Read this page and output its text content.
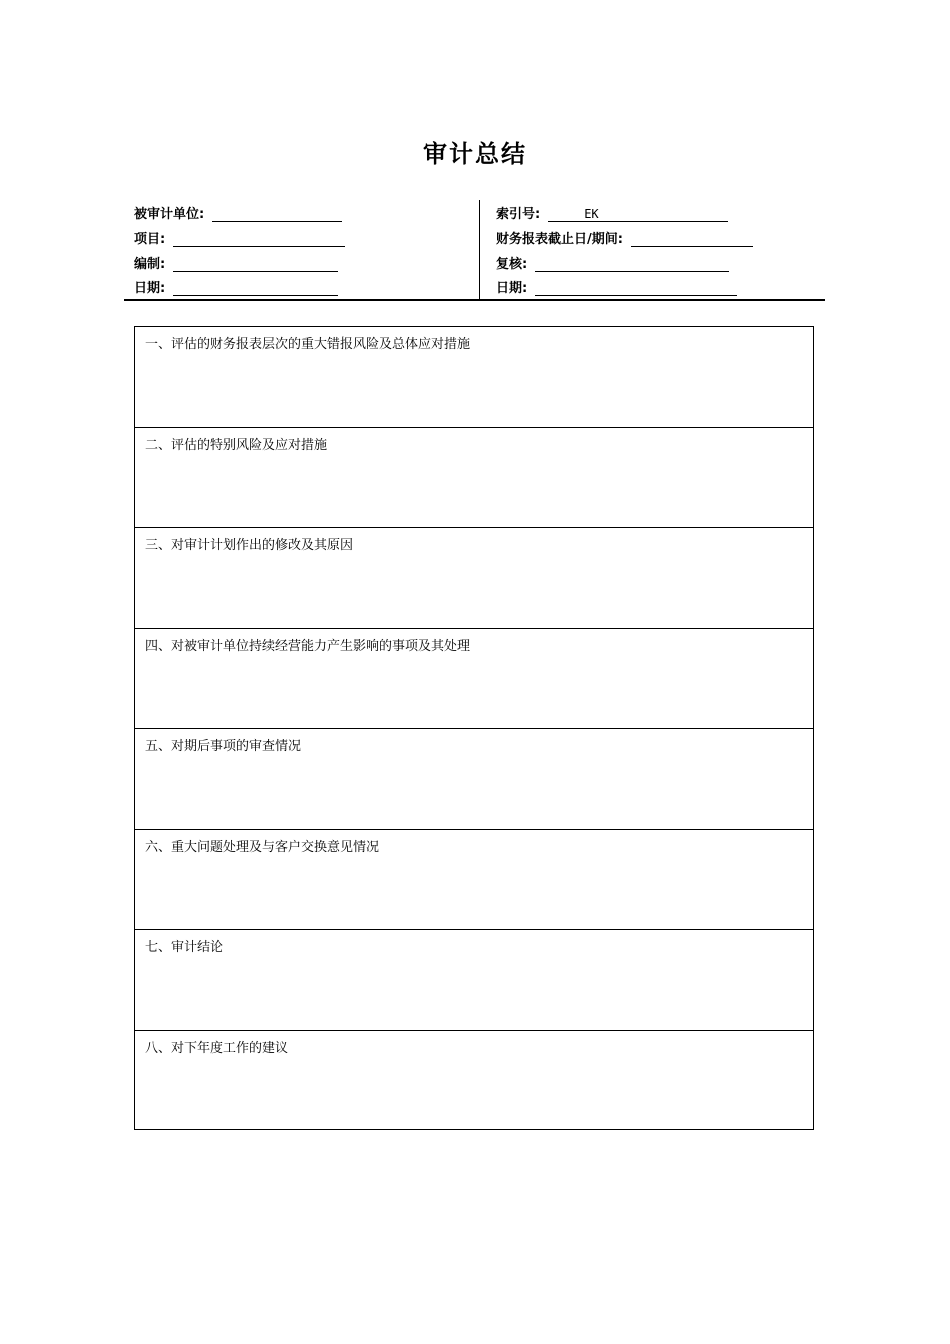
审计总结
被审计单位:
项目:
编制:
日期:
索引号:	EK
财务报表截止日/期间:
复核:
日期:
一、评估的财务报表层次的重大错报风险及总体应对措施
二、评估的特别风险及应对措施
三、对审计计划作出的修改及其原因
四、对被审计单位持续经营能力产生影响的事项及其处理
五、对期后事项的审查情况
六、重大问题处理及与客户交换意见情况
七、审计结论
八、对下年度工作的建议
